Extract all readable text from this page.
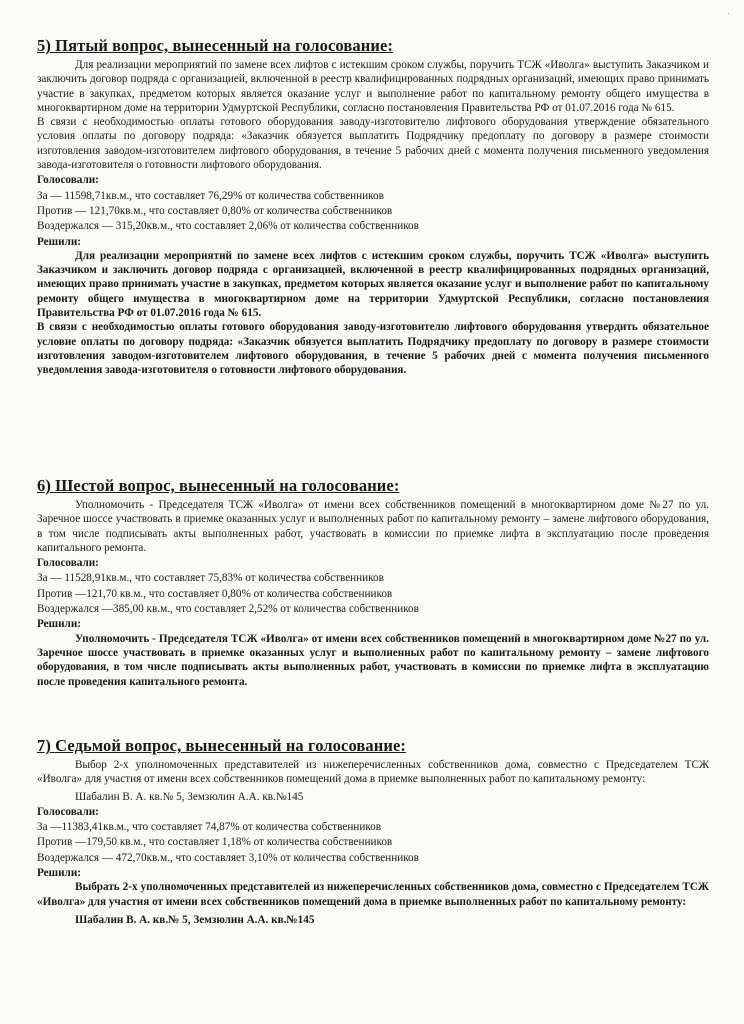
·
5) Пятый вопрос, вынесенный на голосование:

Для реализации мероприятий по замене всех лифтов с истекшим сроком службы, поручить ТСЖ «Иволга» выступить Заказчиком и заключить договор подряда с организацией, включенной в реестр квалифицированных подрядных организаций, имеющих право принимать участие в закупках, предметом которых является оказание услуг и выполнение работ по капитальному ремонту общего имущества в многоквартирном доме на территории Удмуртской Республики, согласно постановления Правительства РФ от 01.07.2016 года № 615.

В связи с необходимостью оплаты готового оборудования заводу-изготовителю лифтового оборудования утверждение обязательного условия оплаты по договору подряда: «Заказчик обязуется выплатить Подрядчику предоплату по договору в размере стоимости изготовления заводом-изготовителем лифтового оборудования, в течение 5 рабочих дней с момента получения письменного уведомления завода-изготовителя о готовности лифтового оборудования.

Голосовали:

За — 11598,71кв.м., что составляет 76,29% от количества собственников

Против — 121,70кв.м., что составляет 0,80% от количества собственников

Воздержался — 315,20кв.м., что составляет 2,06% от количества собственников

Решили:

Для реализации мероприятий по замене всех лифтов с истекшим сроком службы, поручить ТСЖ «Иволга» выступить Заказчиком и заключить договор подряда с организацией, включенной в реестр квалифицированных подрядных организаций, имеющих право принимать участие в закупках, предметом которых является оказание услуг и выполнение работ по капитальному ремонту общего имущества в многоквартирном доме на территории Удмуртской Республики, согласно постановления Правительства РФ от 01.07.2016 года № 615.

В связи с необходимостью оплаты готового оборудования заводу-изготовителю лифтового оборудования утвердить обязательное условие оплаты по договору подряда: «Заказчик обязуется выплатить Подрядчику предоплату по договору в размере стоимости изготовления заводом-изготовителем лифтового оборудования, в течение 5 рабочих дней с момента получения письменного уведомления завода-изготовителя о готовности лифтового оборудования.

6) Шестой вопрос, вынесенный на голосование:

Уполномочить - Председателя ТСЖ «Иволга» от имени всех собственников помещений в многоквартирном доме №27 по ул. Заречное шоссе участвовать в приемке оказанных услуг и выполненных работ по капитальному ремонту – замене лифтового оборудования, в том числе подписывать акты выполненных работ, участвовать в комиссии по приемке лифта в эксплуатацию после проведения капитального ремонта.

Голосовали:

За — 11528,91кв.м., что составляет 75,83% от количества собственников

Против —121,70 кв.м., что составляет 0,80% от количества собственников

Воздержался —385,00 кв.м., что составляет 2,52% от количества собственников

Решили:

Уполномочить - Председателя ТСЖ «Иволга» от имени всех собственников помещений в многоквартирном доме №27 по ул. Заречное шоссе участвовать в приемке оказанных услуг и выполненных работ по капитальному ремонту – замене лифтового оборудования, в том числе подписывать акты выполненных работ, участвовать в комиссии по приемке лифта в эксплуатацию после проведения капитального ремонта.

7) Седьмой вопрос, вынесенный на голосование:

Выбор 2-х уполномоченных представителей из нижеперечисленных собственников дома, совместно с Председателем ТСЖ «Иволга» для участия от имени всех собственников помещений дома в приемке выполненных работ по капитальному ремонту:

Шабалин В. А. кв.№ 5, Земзюлин А.А. кв.№145

Голосовали:

За —11383,41кв.м., что составляет 74,87% от количества собственников

Против —179,50 кв.м., что составляет 1,18% от количества собственников

Воздержался — 472,70кв.м., что составляет 3,10% от количества собственников

Решили:

Выбрать 2-х уполномоченных представителей из нижеперечисленных собственников дома, совместно с Председателем ТСЖ «Иволга» для участия от имени всех собственников помещений дома в приемке выполненных работ по капитальному ремонту:

Шабалин В. А. кв.№ 5, Земзюлин А.А. кв.№145
